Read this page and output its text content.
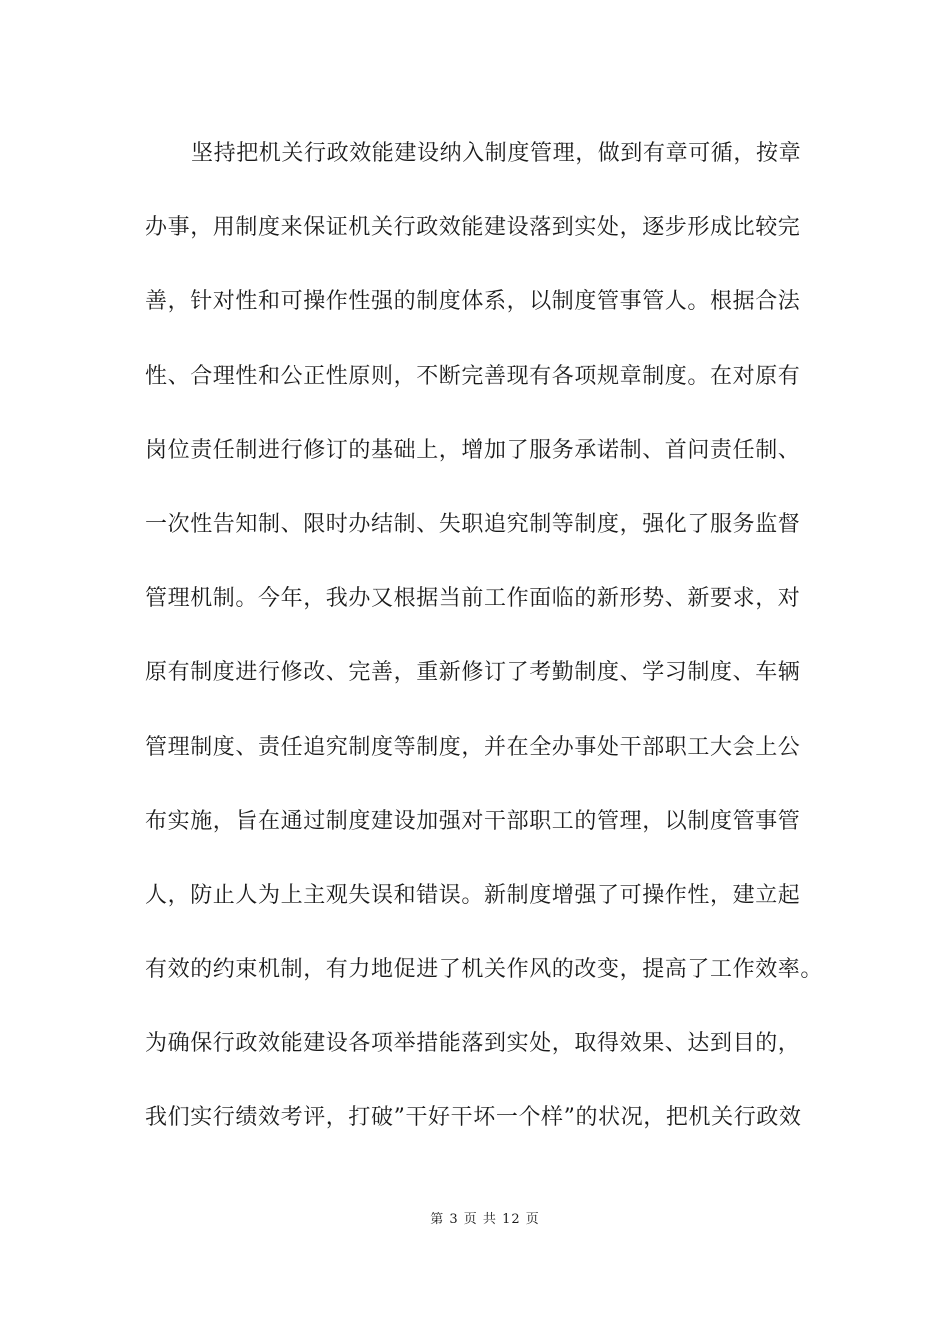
坚持把机关行政效能建设纳入制度管理，做到有章可循，按章
办事，用制度来保证机关行政效能建设落到实处，逐步形成比较完
善，针对性和可操作性强的制度体系，以制度管事管人。根据合法
性、合理性和公正性原则，不断完善现有各项规章制度。在对原有
岗位责任制进行修订的基础上，增加了服务承诺制、首问责任制、
一次性告知制、限时办结制、失职追究制等制度，强化了服务监督
管理机制。今年，我办又根据当前工作面临的新形势、新要求，对
原有制度进行修改、完善，重新修订了考勤制度、学习制度、车辆
管理制度、责任追究制度等制度，并在全办事处干部职工大会上公
布实施，旨在通过制度建设加强对干部职工的管理，以制度管事管
人，防止人为上主观失误和错误。新制度增强了可操作性，建立起
有效的约束机制，有力地促进了机关作风的改变，提高了工作效率。
为确保行政效能建设各项举措能落到实处，取得效果、达到目的，
我们实行绩效考评，打破”干好干坏一个样”的状况，把机关行政效
第 3 页 共 12 页
